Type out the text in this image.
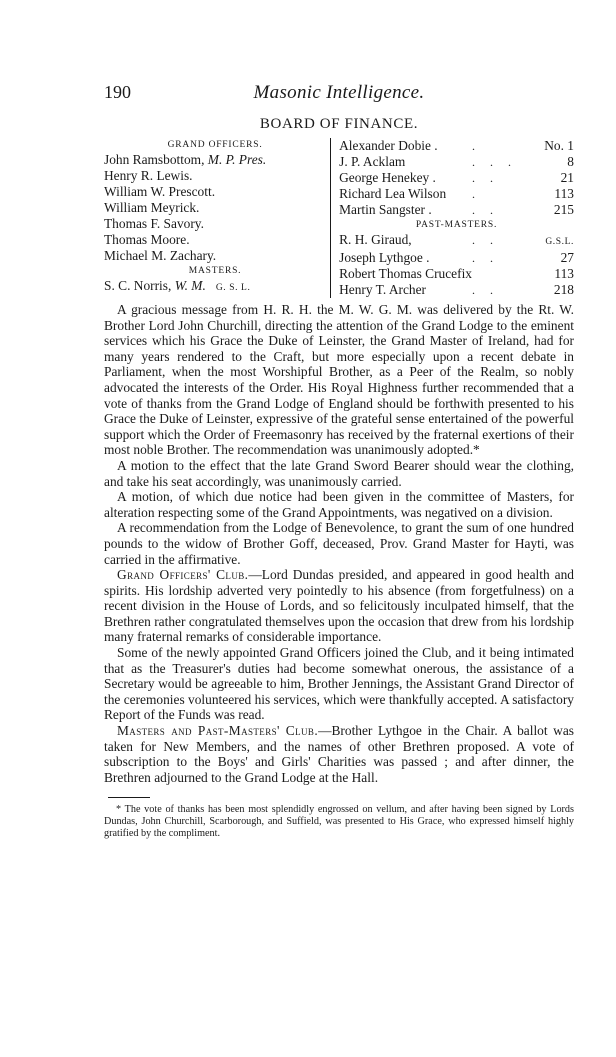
190	Masonic Intelligence.
BOARD OF FINANCE.
GRAND OFFICERS.
John Ramsbottom, M. P. Pres.
Henry R. Lewis.
William W. Prescott.
William Meyrick.
Thomas F. Savory.
Thomas Moore.
Michael M. Zachary.
MASTERS.
S. C. Norris, W. M. G. S. L.
Alexander Dobie .	.	No. 1
J. P. Acklam	. . .	8
George Henekey .	. .	21
Richard Lea Wilson	.	113
Martin Sangster .	. .	215
PAST-MASTERS.
R. H. Giraud,	. .	G.S.L.
Joseph Lythgoe .	. .	27
Robert Thomas Crucefix	113
Henry T. Archer	. .	218

A gracious message from H. R. H. the M. W. G. M. was delivered by the Rt. W. Brother Lord John Churchill, directing the attention of the Grand Lodge to the eminent services which his Grace the Duke of Leinster, the Grand Master of Ireland, had for many years rendered to the Craft, but more especially upon a recent debate in Parliament, when the most Worshipful Brother, as a Peer of the Realm, so nobly advocated the interests of the Order. His Royal Highness further recommended that a vote of thanks from the Grand Lodge of England should be forthwith presented to his Grace the Duke of Leinster, expressive of the grateful sense entertained of the powerful support which the Order of Freemasonry has received by the fraternal exertions of their most noble Brother. The recommendation was unanimously adopted.*

A motion to the effect that the late Grand Sword Bearer should wear the clothing, and take his seat accordingly, was unanimously carried.

A motion, of which due notice had been given in the committee of Masters, for alteration respecting some of the Grand Appointments, was negatived on a division.

A recommendation from the Lodge of Benevolence, to grant the sum of one hundred pounds to the widow of Brother Goff, deceased, Prov. Grand Master for Hayti, was carried in the affirmative.

Grand Officers' Club.—Lord Dundas presided, and appeared in good health and spirits. His lordship adverted very pointedly to his absence (from forgetfulness) on a recent division in the House of Lords, and so felicitously inculpated himself, that the Brethren rather congratulated themselves upon the occasion that drew from his lordship many fraternal remarks of considerable importance.

Some of the newly appointed Grand Officers joined the Club, and it being intimated that as the Treasurer's duties had become somewhat onerous, the assistance of a Secretary would be agreeable to him, Brother Jennings, the Assistant Grand Director of the ceremonies volunteered his services, which were thankfully accepted. A satisfactory Report of the Funds was read.

Masters and Past-Masters' Club.—Brother Lythgoe in the Chair. A ballot was taken for New Members, and the names of other Brethren proposed. A vote of subscription to the Boys' and Girls' Charities was passed ; and after dinner, the Brethren adjourned to the Grand Lodge at the Hall.

* The vote of thanks has been most splendidly engrossed on vellum, and after having been signed by Lords Dundas, John Churchill, Scarborough, and Suffield, was presented to His Grace, who expressed himself highly gratified by the compliment.
